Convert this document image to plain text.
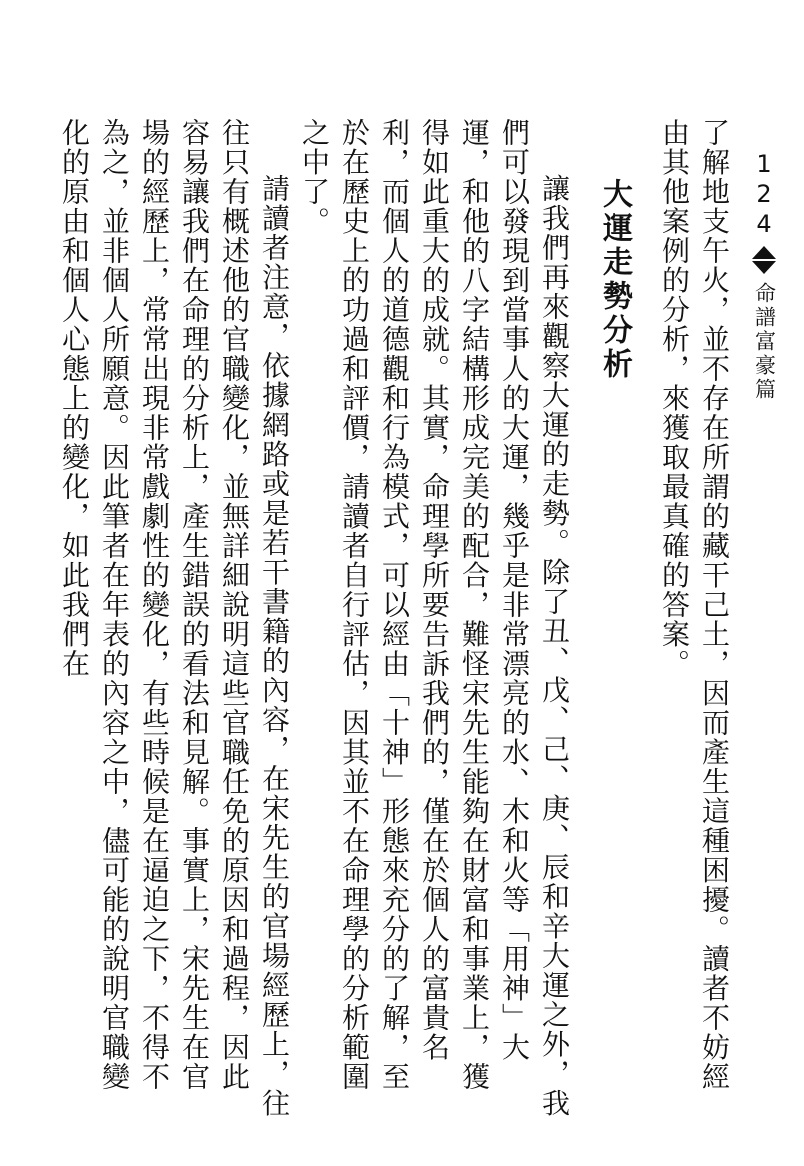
124
命譜富豪篇

了解地支午火，並不存在所謂的藏干己土，因而產生這種困擾。讀者不妨經由其他案例的分析，來獲取最真確的答案。

大運走勢分析

讓我們再來觀察大運的走勢。除了丑、戊、己、庚、辰和辛大運之外，我們可以發現到當事人的大運，幾乎是非常漂亮的水、木和火等「用神」大運，和他的八字結構形成完美的配合，難怪宋先生能夠在財富和事業上，獲得如此重大的成就。其實，命理學所要告訴我們的，僅在於個人的富貴名利，而個人的道德觀和行為模式，可以經由「十神」形態來充分的了解，至於在歷史上的功過和評價，請讀者自行評估，因其並不在命理學的分析範圍之中了。

請讀者注意，依據網路或是若干書籍的內容，在宋先生的官場經歷上，往往只有概述他的官職變化，並無詳細說明這些官職任免的原因和過程，因此容易讓我們在命理的分析上，產生錯誤的看法和見解。事實上，宋先生在官場的經歷上，常常出現非常戲劇性的變化，有些時候是在逼迫之下，不得不為之，並非個人所願意。因此筆者在年表的內容之中，儘可能的說明官職變化的原由和個人心態上的變化，如此我們在
